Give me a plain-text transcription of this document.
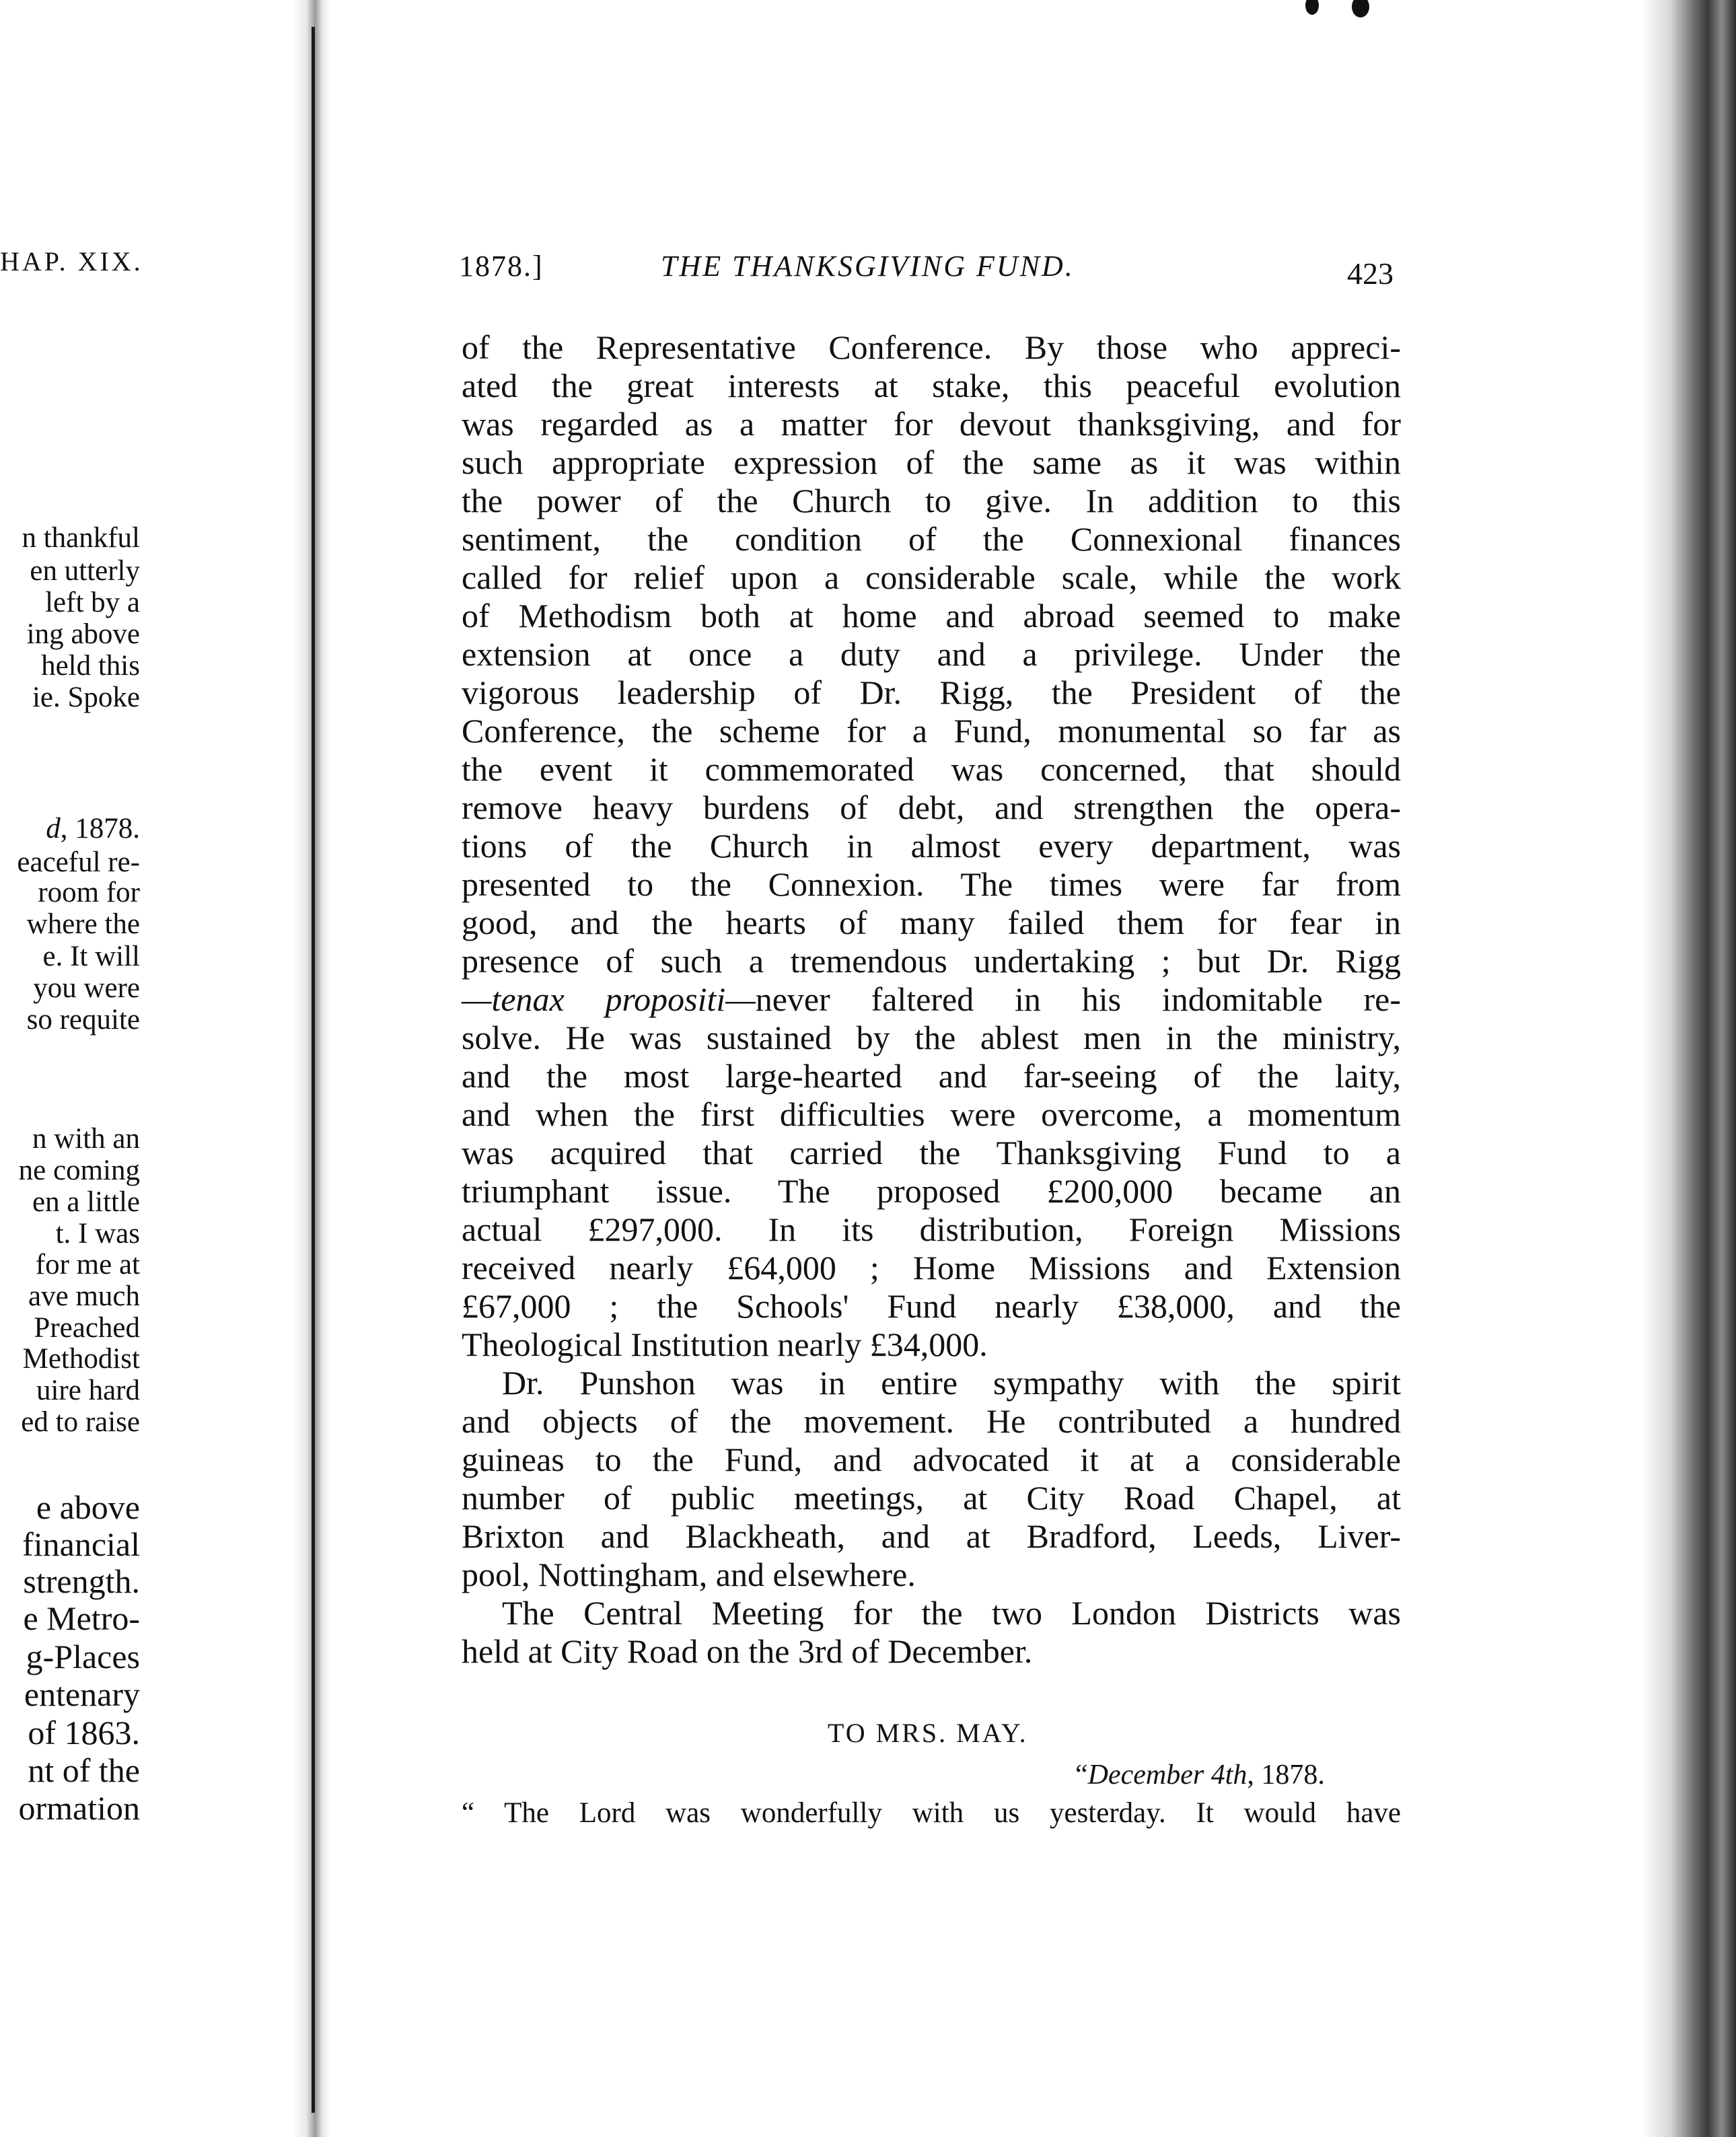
HAP. XIX.
n thankful
en utterly
left by a
ing above
held this
ie. Spoke
d, 1878.
eaceful re-
room for
where the
e. It will
you were
so requite
n with an
ne coming
en a little
t. I was
for me at
ave much
Preached
Methodist
uire hard
ed to raise
e above
financial
strength.
e Metro-
g-Places
entenary
of 1863.
nt of the
ormation
1878.]	THE THANKSGIVING FUND.	423
of the Representative Conference. By those who appreci-
ated the great interests at stake, this peaceful evolution
was regarded as a matter for devout thanksgiving, and for
such appropriate expression of the same as it was within
the power of the Church to give. In addition to this
sentiment, the condition of the Connexional finances
called for relief upon a considerable scale, while the work
of Methodism both at home and abroad seemed to make
extension at once a duty and a privilege. Under the
vigorous leadership of Dr. Rigg, the President of the
Conference, the scheme for a Fund, monumental so far as
the event it commemorated was concerned, that should
remove heavy burdens of debt, and strengthen the opera-
tions of the Church in almost every department, was
presented to the Connexion. The times were far from
good, and the hearts of many failed them for fear in
presence of such a tremendous undertaking ; but Dr. Rigg
—tenax propositi—never faltered in his indomitable re-
solve. He was sustained by the ablest men in the ministry,
and the most large-hearted and far-seeing of the laity,
and when the first difficulties were overcome, a momentum
was acquired that carried the Thanksgiving Fund to a
triumphant issue. The proposed £200,000 became an
actual £297,000. In its distribution, Foreign Missions
received nearly £64,000 ; Home Missions and Extension
£67,000 ; the Schools' Fund nearly £38,000, and the
Theological Institution nearly £34,000.
Dr. Punshon was in entire sympathy with the spirit
and objects of the movement. He contributed a hundred
guineas to the Fund, and advocated it at a considerable
number of public meetings, at City Road Chapel, at
Brixton and Blackheath, and at Bradford, Leeds, Liver-
pool, Nottingham, and elsewhere.
The Central Meeting for the two London Districts was
held at City Road on the 3rd of December.
TO MRS. MAY.
“December 4th, 1878.
“ The Lord was wonderfully with us yesterday. It would have
